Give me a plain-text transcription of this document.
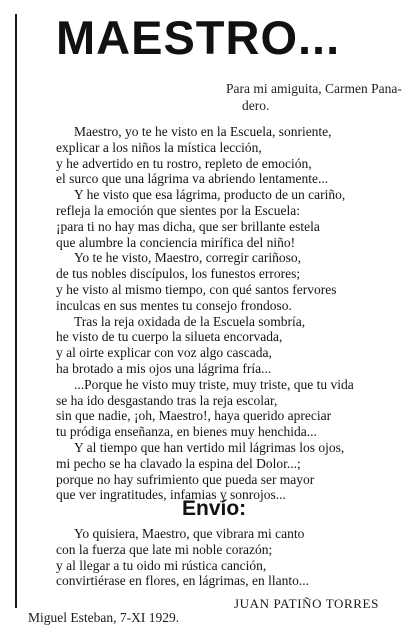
MAESTRO...
Para mi amiguita, Carmen Pana-
dero.
Maestro, yo te he visto en la Escuela, sonriente,
explicar a los niños la mística lección,
y he advertido en tu rostro, repleto de emoción,
el surco que una lágrima va abriendo lentamente...
Y he visto que esa lágrima, producto de un cariño,
refleja la emoción que sientes por la Escuela:
¡para ti no hay mas dicha, que ser brillante estela
que alumbre la conciencia mirífica del niño!
Yo te he visto, Maestro, corregir cariñoso,
de tus nobles discípulos, los funestos errores;
y he visto al mismo tiempo, con qué santos fervores
inculcas en sus mentes tu consejo frondoso.
Tras la reja oxidada de la Escuela sombría,
he visto de tu cuerpo la silueta encorvada,
y al oirte explicar con voz algo cascada,
ha brotado a mis ojos una lágrima fría...
...Porque he visto muy triste, muy triste, que tu vida
se ha ido desgastando tras la reja escolar,
sin que nadie, ¡oh, Maestro!, haya querido apreciar
tu pródiga enseñanza, en bienes muy henchida...
Y al tiempo que han vertido mil lágrimas los ojos,
mi pecho se ha clavado la espina del Dolor...;
porque no hay sufrimiento que pueda ser mayor
que ver ingratitudes, infamias y sonrojos...
Envío:
Yo quisiera, Maestro, que vibrara mi canto
con la fuerza que late mi noble corazón;
y al llegar a tu oido mi rústica canción,
convirtiérase en flores, en lágrimas, en llanto...
JUAN PATIÑO TORRES
Miguel Esteban, 7-XI 1929.
